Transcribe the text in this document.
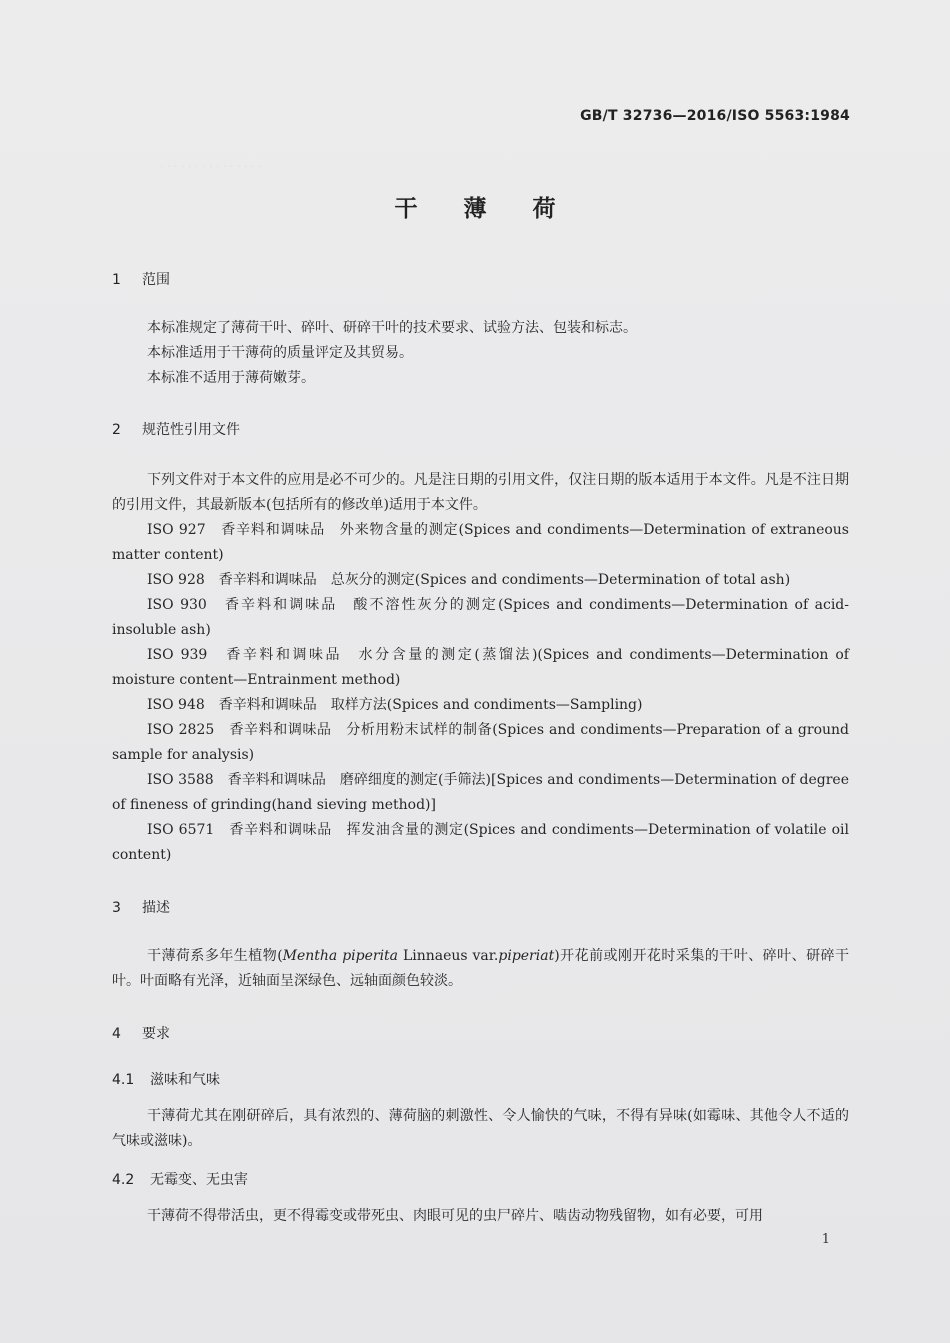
GB/T 32736—2016/ISO 5563:1984
干薄荷
· · · · · · · · · · · · · · ·
1 范围
本标准规定了薄荷干叶、碎叶、研碎干叶的技术要求、试验方法、包装和标志。
本标准适用于干薄荷的质量评定及其贸易。
本标准不适用于薄荷嫩芽。
2 规范性引用文件
下列文件对于本文件的应用是必不可少的。凡是注日期的引用文件，仅注日期的版本适用于本文件。凡是不注日期的引用文件，其最新版本(包括所有的修改单)适用于本文件。
ISO 927　香辛料和调味品　外来物含量的测定(Spices and condiments—Determination of extraneous matter content)
ISO 928　香辛料和调味品　总灰分的测定(Spices and condiments—Determination of total ash)
ISO 930　香辛料和调味品　酸不溶性灰分的测定(Spices and condiments—Determination of acid-insoluble ash)
ISO 939　香辛料和调味品　水分含量的测定(蒸馏法)(Spices and condiments—Determination of moisture content—Entrainment method)
ISO 948　香辛料和调味品　取样方法(Spices and condiments—Sampling)
ISO 2825　香辛料和调味品　分析用粉末试样的制备(Spices and condiments—Preparation of a ground sample for analysis)
ISO 3588　香辛料和调味品　磨碎细度的测定(手筛法)[Spices and condiments—Determination of degree of fineness of grinding(hand sieving method)]
ISO 6571　香辛料和调味品　挥发油含量的测定(Spices and condiments—Determination of volatile oil content)
3 描述
干薄荷系多年生植物(Mentha piperita Linnaeus var.piperiat)开花前或刚开花时采集的干叶、碎叶、研碎干叶。叶面略有光泽，近轴面呈深绿色、远轴面颜色较淡。
4 要求
4.1 滋味和气味
干薄荷尤其在刚研碎后，具有浓烈的、薄荷脑的刺激性、令人愉快的气味，不得有异味(如霉味、其他令人不适的气味或滋味)。
4.2 无霉变、无虫害
干薄荷不得带活虫，更不得霉变或带死虫、肉眼可见的虫尸碎片、啮齿动物残留物，如有必要，可用
1
